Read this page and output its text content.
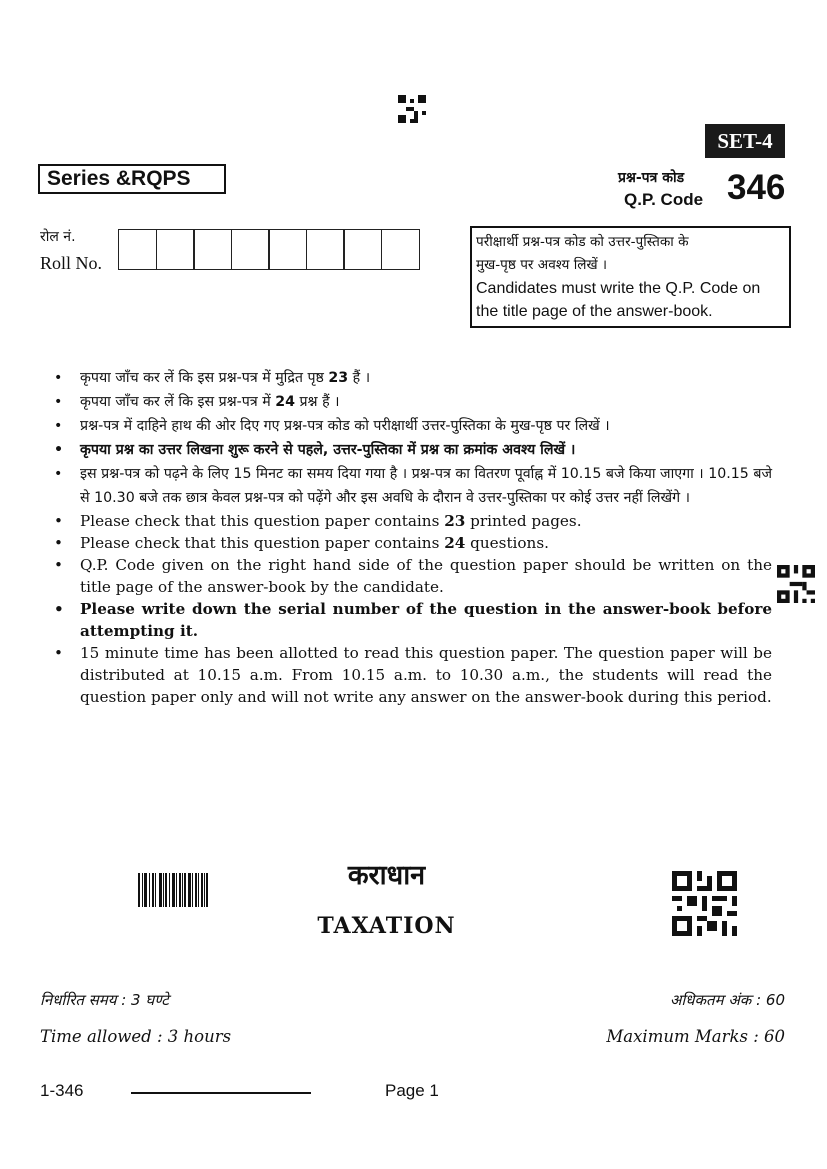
SET-4
Series &RQPS	प्रश्न-पत्र कोड
Q.P. Code 346
रोल नं.
Roll No.
परीक्षार्थी प्रश्न-पत्र कोड को उत्तर-पुस्तिका के
मुख-पृष्ठ पर अवश्य लिखें ।
Candidates must write the Q.P. Code on
the title page of the answer-book.
• कृपया जाँच कर लें कि इस प्रश्न-पत्र में मुद्रित पृष्ठ 23 हैं ।
• कृपया जाँच कर लें कि इस प्रश्न-पत्र में 24 प्रश्न हैं ।
• प्रश्न-पत्र में दाहिने हाथ की ओर दिए गए प्रश्न-पत्र कोड को परीक्षार्थी उत्तर-पुस्तिका के मुख-पृष्ठ पर लिखें ।
• कृपया प्रश्न का उत्तर लिखना शुरू करने से पहले, उत्तर-पुस्तिका में प्रश्न का क्रमांक अवश्य लिखें ।
• इस प्रश्न-पत्र को पढ़ने के लिए 15 मिनट का समय दिया गया है । प्रश्न-पत्र का वितरण पूर्वाह्न में 10.15 बजे किया जाएगा । 10.15 बजे से 10.30 बजे तक छात्र केवल प्रश्न-पत्र को पढ़ेंगे और इस अवधि के दौरान वे उत्तर-पुस्तिका पर कोई उत्तर नहीं लिखेंगे ।
• Please check that this question paper contains 23 printed pages.
• Please check that this question paper contains 24 questions.
• Q.P. Code given on the right hand side of the question paper should be written on the title page of the answer-book by the candidate.
• Please write down the serial number of the question in the answer-book before attempting it.
• 15 minute time has been allotted to read this question paper. The question paper will be distributed at 10.15 a.m. From 10.15 a.m. to 10.30 a.m., the students will read the question paper only and will not write any answer on the answer-book during this period.
कराधान
TAXATION
निर्धारित समय : 3 घण्टे
Time allowed : 3 hours
अधिकतम अंक : 60
Maximum Marks : 60
1-346	Page 1
